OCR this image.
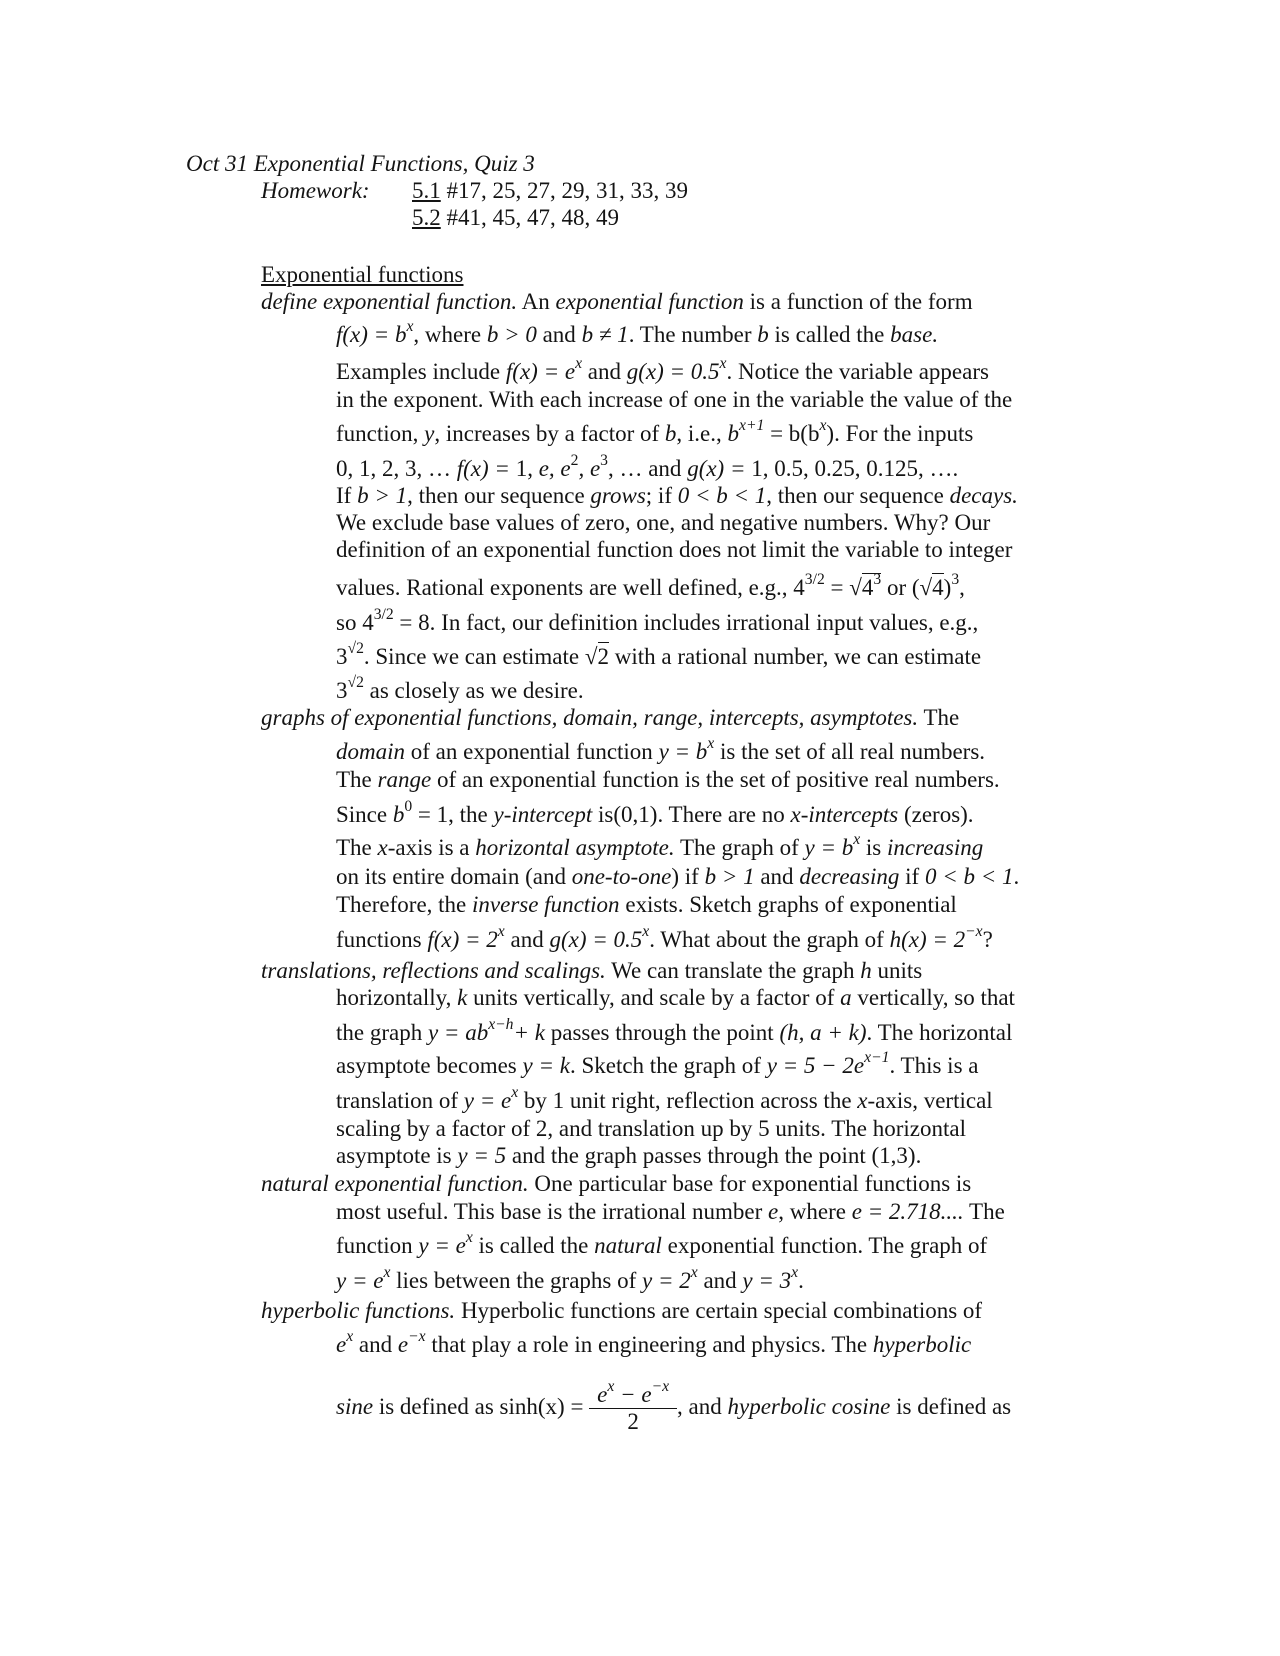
Oct 31 Exponential Functions, Quiz 3
Homework: 5.1 #17, 25, 27, 29, 31, 33, 39
5.2 #41, 45, 47, 48, 49
Exponential functions
define exponential function. An exponential function is a function of the form
$f(x) = b^x$, where b > 0 and b ≠ 1. The number b is called the base.
Examples include $f(x) = e^x$ and $g(x) = 0.5^x$. Notice the variable appears
in the exponent. With each increase of one in the variable the value of the
function, y, increases by a factor of b, i.e., $b^{x+1} = b(b^x)$. For the inputs
0, 1, 2, 3, … f(x) = 1, e, $e^2$, $e^3$, … and g(x) = 1, 0.5, 0.25, 0.125, ….
If b > 1, then our sequence grows; if 0 < b < 1, then our sequence decays.
We exclude base values of zero, one, and negative numbers. Why? Our
definition of an exponential function does not limit the variable to integer
values. Rational exponents are well defined, e.g., $4^{3/2} = √4^3$ or $(√4)^3$,
so $4^{3/2} = 8$. In fact, our definition includes irrational input values, e.g.,
$3^{√2}$. Since we can estimate √2 with a rational number, we can estimate
$3^{√2}$ as closely as we desire.
graphs of exponential functions, domain, range, intercepts, asymptotes. The
domain of an exponential function $y = b^x$ is the set of all real numbers.
The range of an exponential function is the set of positive real numbers.
Since $b^0 = 1$, the y-intercept is(0,1). There are no x-intercepts (zeros).
The x-axis is a horizontal asymptote. The graph of $y = b^x$ is increasing
on its entire domain (and one-to-one) if b > 1 and decreasing if 0 < b < 1.
Therefore, the inverse function exists. Sketch graphs of exponential
functions $f(x) = 2^x$ and $g(x) = 0.5^x$. What about the graph of $h(x) = 2^{-x}$?
translations, reflections and scalings. We can translate the graph h units
horizontally, k units vertically, and scale by a factor of a vertically, so that
the graph $y = ab^{x-h}+ k$ passes through the point (h, a + k). The horizontal
asymptote becomes y = k. Sketch the graph of $y = 5 - 2e^{x-1}$. This is a
translation of $y = e^x$ by 1 unit right, reflection across the x-axis, vertical
scaling by a factor of 2, and translation up by 5 units. The horizontal
asymptote is y = 5 and the graph passes through the point (1,3).
natural exponential function. One particular base for exponential functions is
most useful. This base is the irrational number e, where e = 2.718.... The
function $y = e^x$ is called the natural exponential function. The graph of
$y = e^x$ lies between the graphs of $y = 2^x$ and $y = 3^x$.
hyperbolic functions. Hyperbolic functions are certain special combinations of
$e^x$ and $e^{-x}$ that play a role in engineering and physics. The hyperbolic
sine is defined as $\sinh(x) = \frac{e^x - e^{-x}}{2}$ , and hyperbolic cosine is defined as
